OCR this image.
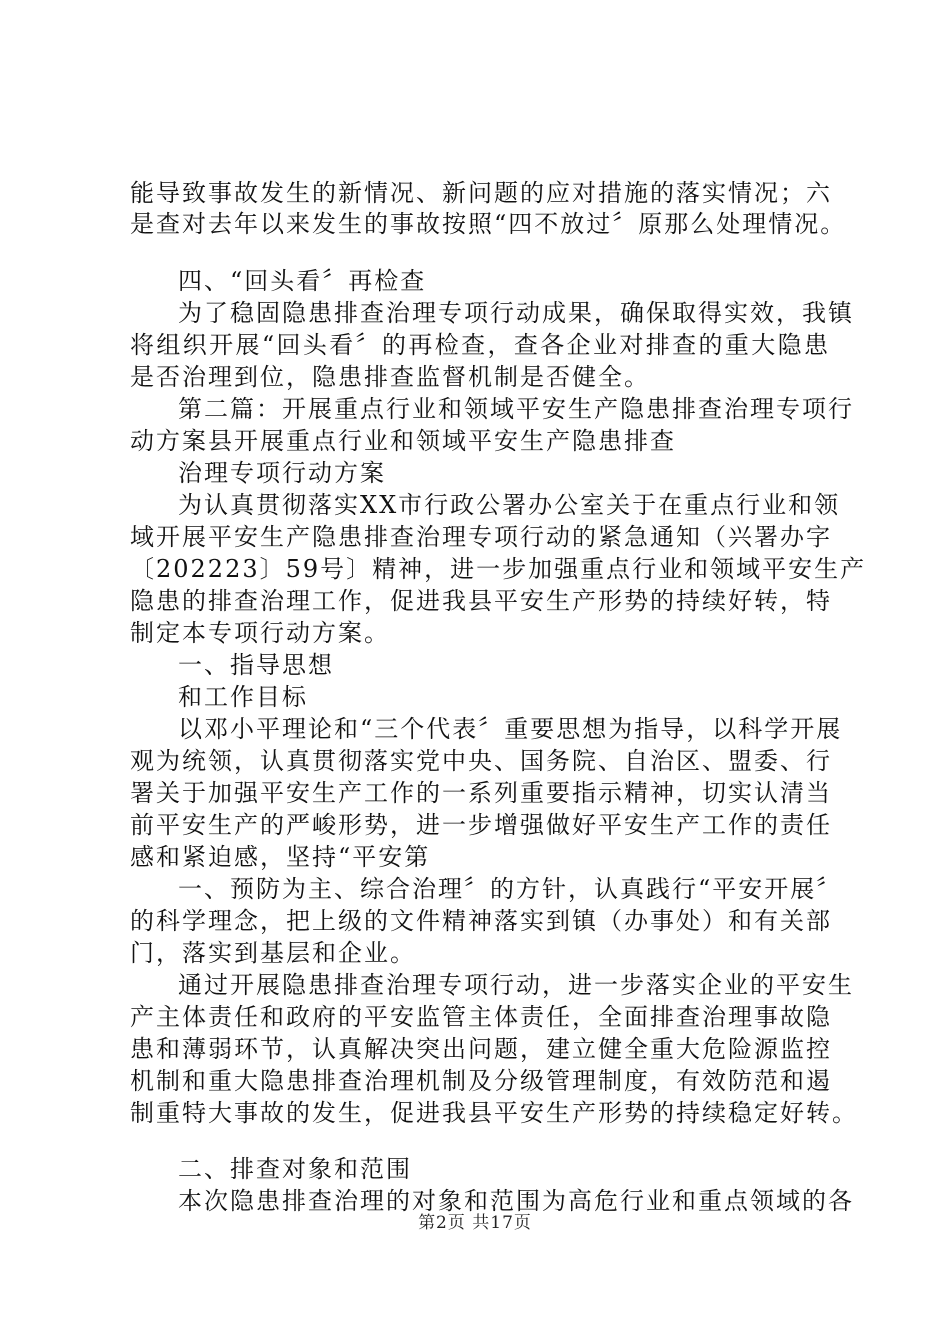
能导致事故发生的新情况、新问题的应对措施的落实情况；六
是查对去年以来发生的事故按照“四不放过〞原那么处理情况。
四、“回头看〞再检查
为了稳固隐患排查治理专项行动成果，确保取得实效，我镇
将组织开展“回头看〞的再检查，查各企业对排查的重大隐患
是否治理到位，隐患排查监督机制是否健全。
第二篇：开展重点行业和领域平安生产隐患排查治理专项行
动方案县开展重点行业和领域平安生产隐患排查
治理专项行动方案
为认真贯彻落实XX市行政公署办公室关于在重点行业和领
域开展平安生产隐患排查治理专项行动的紧急通知（兴署办字
〔202223〕59号〕精神，进一步加强重点行业和领域平安生产
隐患的排查治理工作，促进我县平安生产形势的持续好转，特
制定本专项行动方案。
一、指导思想
和工作目标
以邓小平理论和“三个代表〞重要思想为指导，以科学开展
观为统领，认真贯彻落实党中央、国务院、自治区、盟委、行
署关于加强平安生产工作的一系列重要指示精神，切实认清当
前平安生产的严峻形势，进一步增强做好平安生产工作的责任
感和紧迫感，坚持“平安第
一、预防为主、综合治理〞的方针，认真践行“平安开展〞
的科学理念，把上级的文件精神落实到镇（办事处）和有关部
门，落实到基层和企业。
通过开展隐患排查治理专项行动，进一步落实企业的平安生
产主体责任和政府的平安监管主体责任，全面排查治理事故隐
患和薄弱环节，认真解决突出问题，建立健全重大危险源监控
机制和重大隐患排查治理机制及分级管理制度，有效防范和遏
制重特大事故的发生，促进我县平安生产形势的持续稳定好转。
二、排查对象和范围
本次隐患排查治理的对象和范围为高危行业和重点领域的各
第2页 共17页
